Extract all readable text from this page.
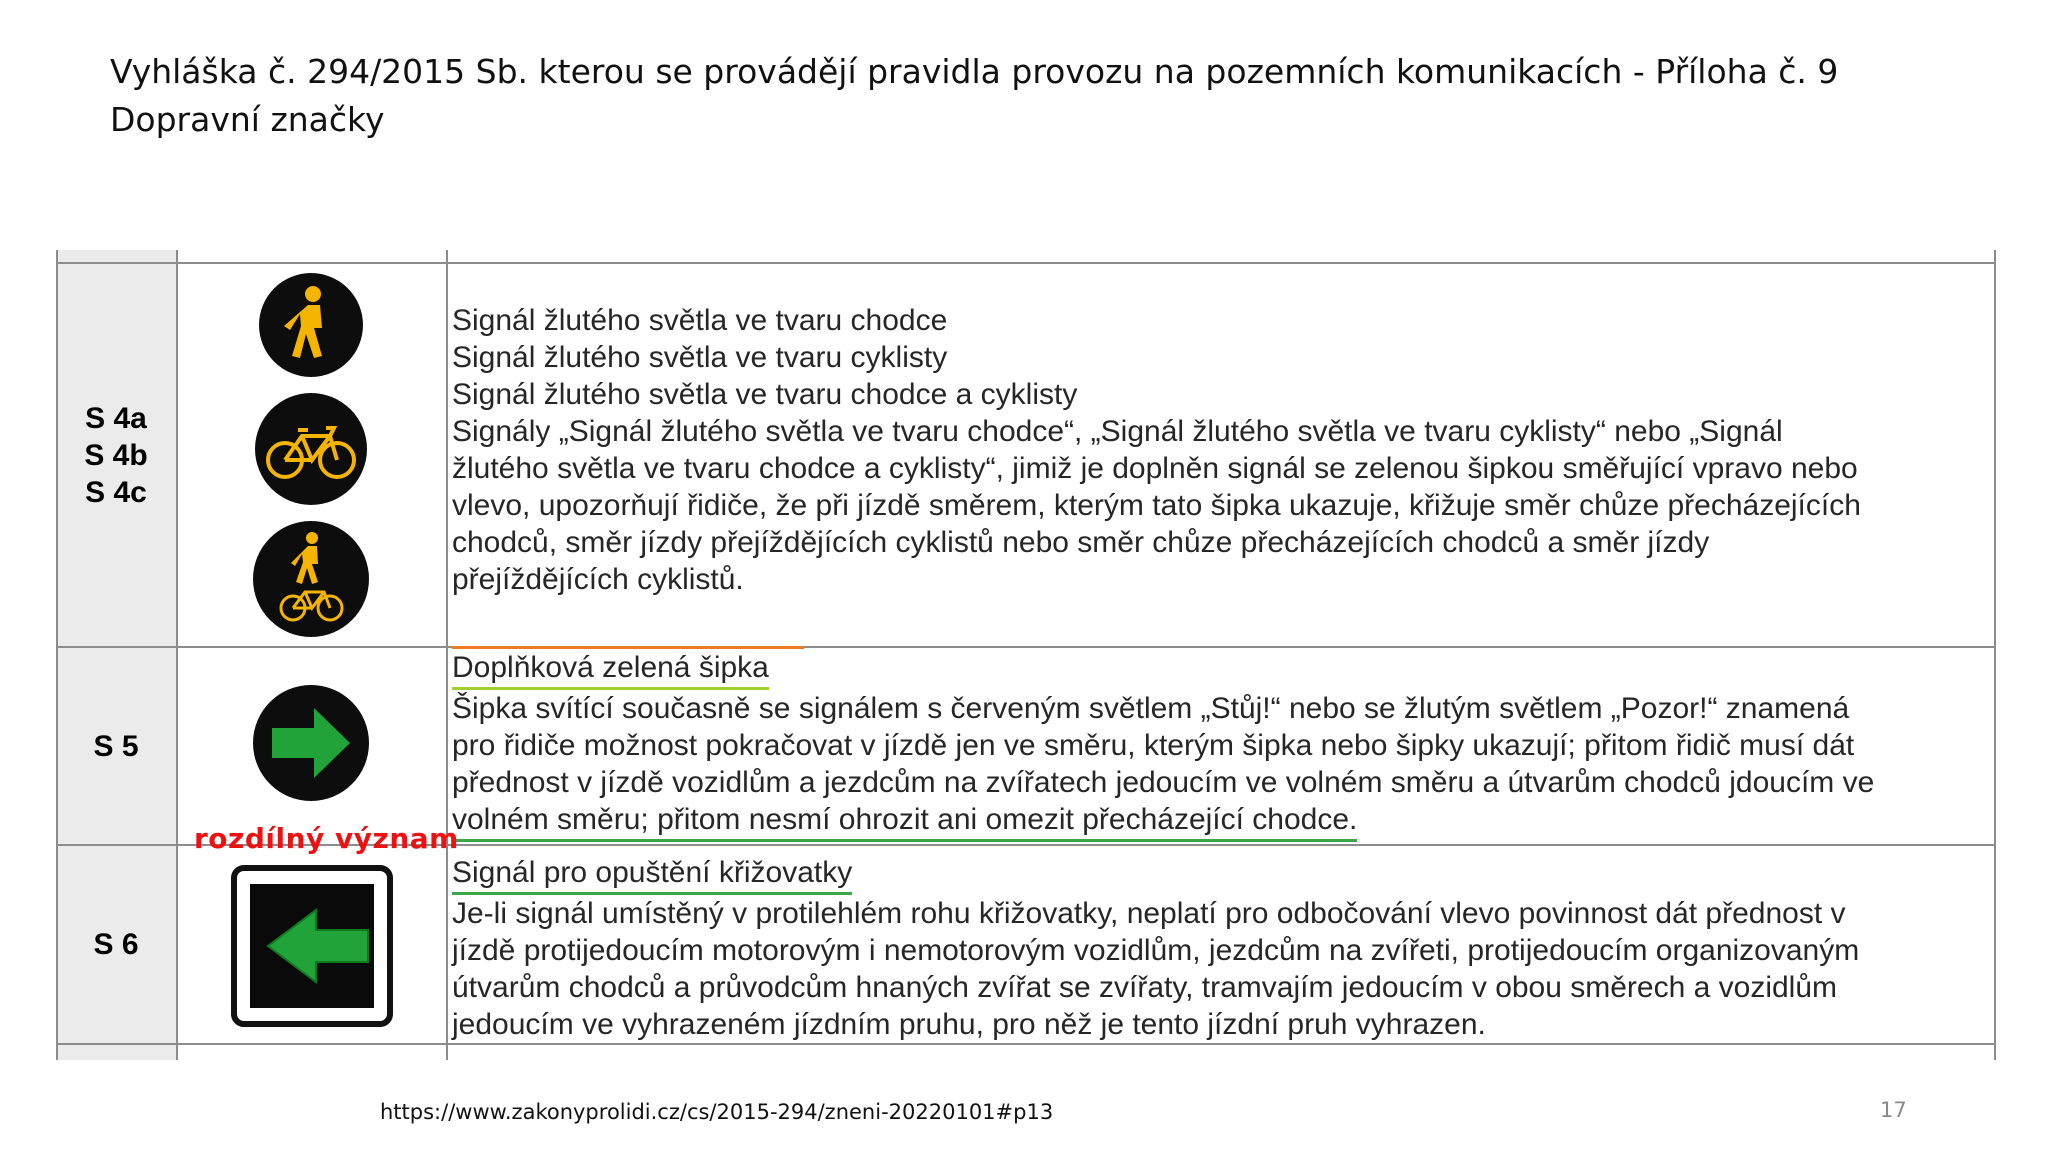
Vyhláška č. 294/2015 Sb. kterou se provádějí pravidla provozu na pozemních komunikacích - Příloha č. 9
Dopravní značky
S 4a
S 4b
S 4c
Signál žlutého světla ve tvaru chodce
Signál žlutého světla ve tvaru cyklisty
Signál žlutého světla ve tvaru chodce a cyklisty
Signály „Signál žlutého světla ve tvaru chodce“, „Signál žlutého světla ve tvaru cyklisty“ nebo „Signál
žlutého světla ve tvaru chodce a cyklisty“, jimiž je doplněn signál se zelenou šipkou směřující vpravo nebo
vlevo, upozorňují řidiče, že při jízdě směrem, kterým tato šipka ukazuje, křižuje směr chůze přecházejících
chodců, směr jízdy přejíždějících cyklistů nebo směr chůze přecházejících chodců a směr jízdy
přejíždějících cyklistů.
S 5
Doplňková zelená šipka
Šipka svítící současně se signálem s červeným světlem „Stůj!“ nebo se žlutým světlem „Pozor!“ znamená
pro řidiče možnost pokračovat v jízdě jen ve směru, kterým šipka nebo šipky ukazují; přitom řidič musí dát
přednost v jízdě vozidlům a jezdcům na zvířatech jedoucím ve volném směru a útvarům chodců jdoucím ve
volném směru; přitom nesmí ohrozit ani omezit přecházející chodce.
S 6
Signál pro opuštění křižovatky
Je-li signál umístěný v protilehlém rohu křižovatky, neplatí pro odbočování vlevo povinnost dát přednost v
jízdě protijedoucím motorovým i nemotorovým vozidlům, jezdcům na zvířeti, protijedoucím organizovaným
útvarům chodců a průvodcům hnaných zvířat se zvířaty, tramvajím jedoucím v obou směrech a vozidlům
jedoucím ve vyhrazeném jízdním pruhu, pro něž je tento jízdní pruh vyhrazen.
rozdílný význam
https://www.zakonyprolidi.cz/cs/2015-294/zneni-20220101#p13	17
